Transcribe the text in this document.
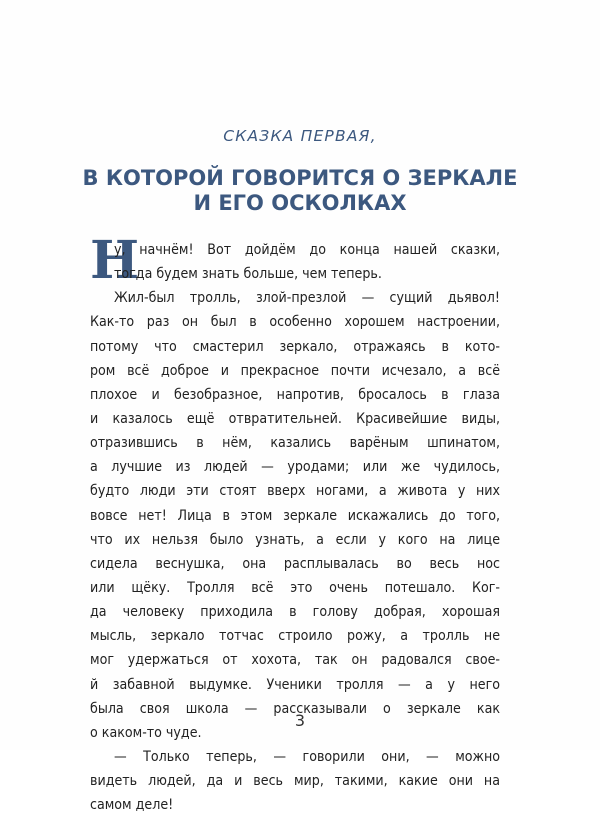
СКАЗКА ПЕРВАЯ,
В КОТОРОЙ ГОВОРИТСЯ О ЗЕРКАЛЕ
И ЕГО ОСКОЛКАХ
Н
у, начнём! Вот дойдём до конца нашей сказки,
тогда будем знать больше, чем теперь.
Жил-был тролль, злой-презлой — сущий дьявол!
Как-то раз он был в особенно хорошем настроении,
потому что смастерил зеркало, отражаясь в кото-
ром всё доброе и прекрасное почти исчезало, а всё
плохое и безобразное, напротив, бросалось в глаза
и казалось ещё отвратительней. Красивейшие виды,
отразившись в нём, казались варёным шпинатом,
а лучшие из людей — уродами; или же чудилось,
будто люди эти стоят вверх ногами, а живота у них
вовсе нет! Лица в этом зеркале искажались до того,
что их нельзя было узнать, а если у кого на лице
сидела веснушка, она расплывалась во весь нос
или щёку. Тролля всё это очень потешало. Ког-
да человеку приходила в голову добрая, хорошая
мысль, зеркало тотчас строило рожу, а тролль не
мог удержаться от хохота, так он радовался свое-
й забавной выдумке. Ученики тролля — а у него
была своя школа — рассказывали о зеркале как
о каком-то чуде.
— Только теперь, — говорили они, — можно
видеть людей, да и весь мир, такими, какие они на
самом деле!
3
